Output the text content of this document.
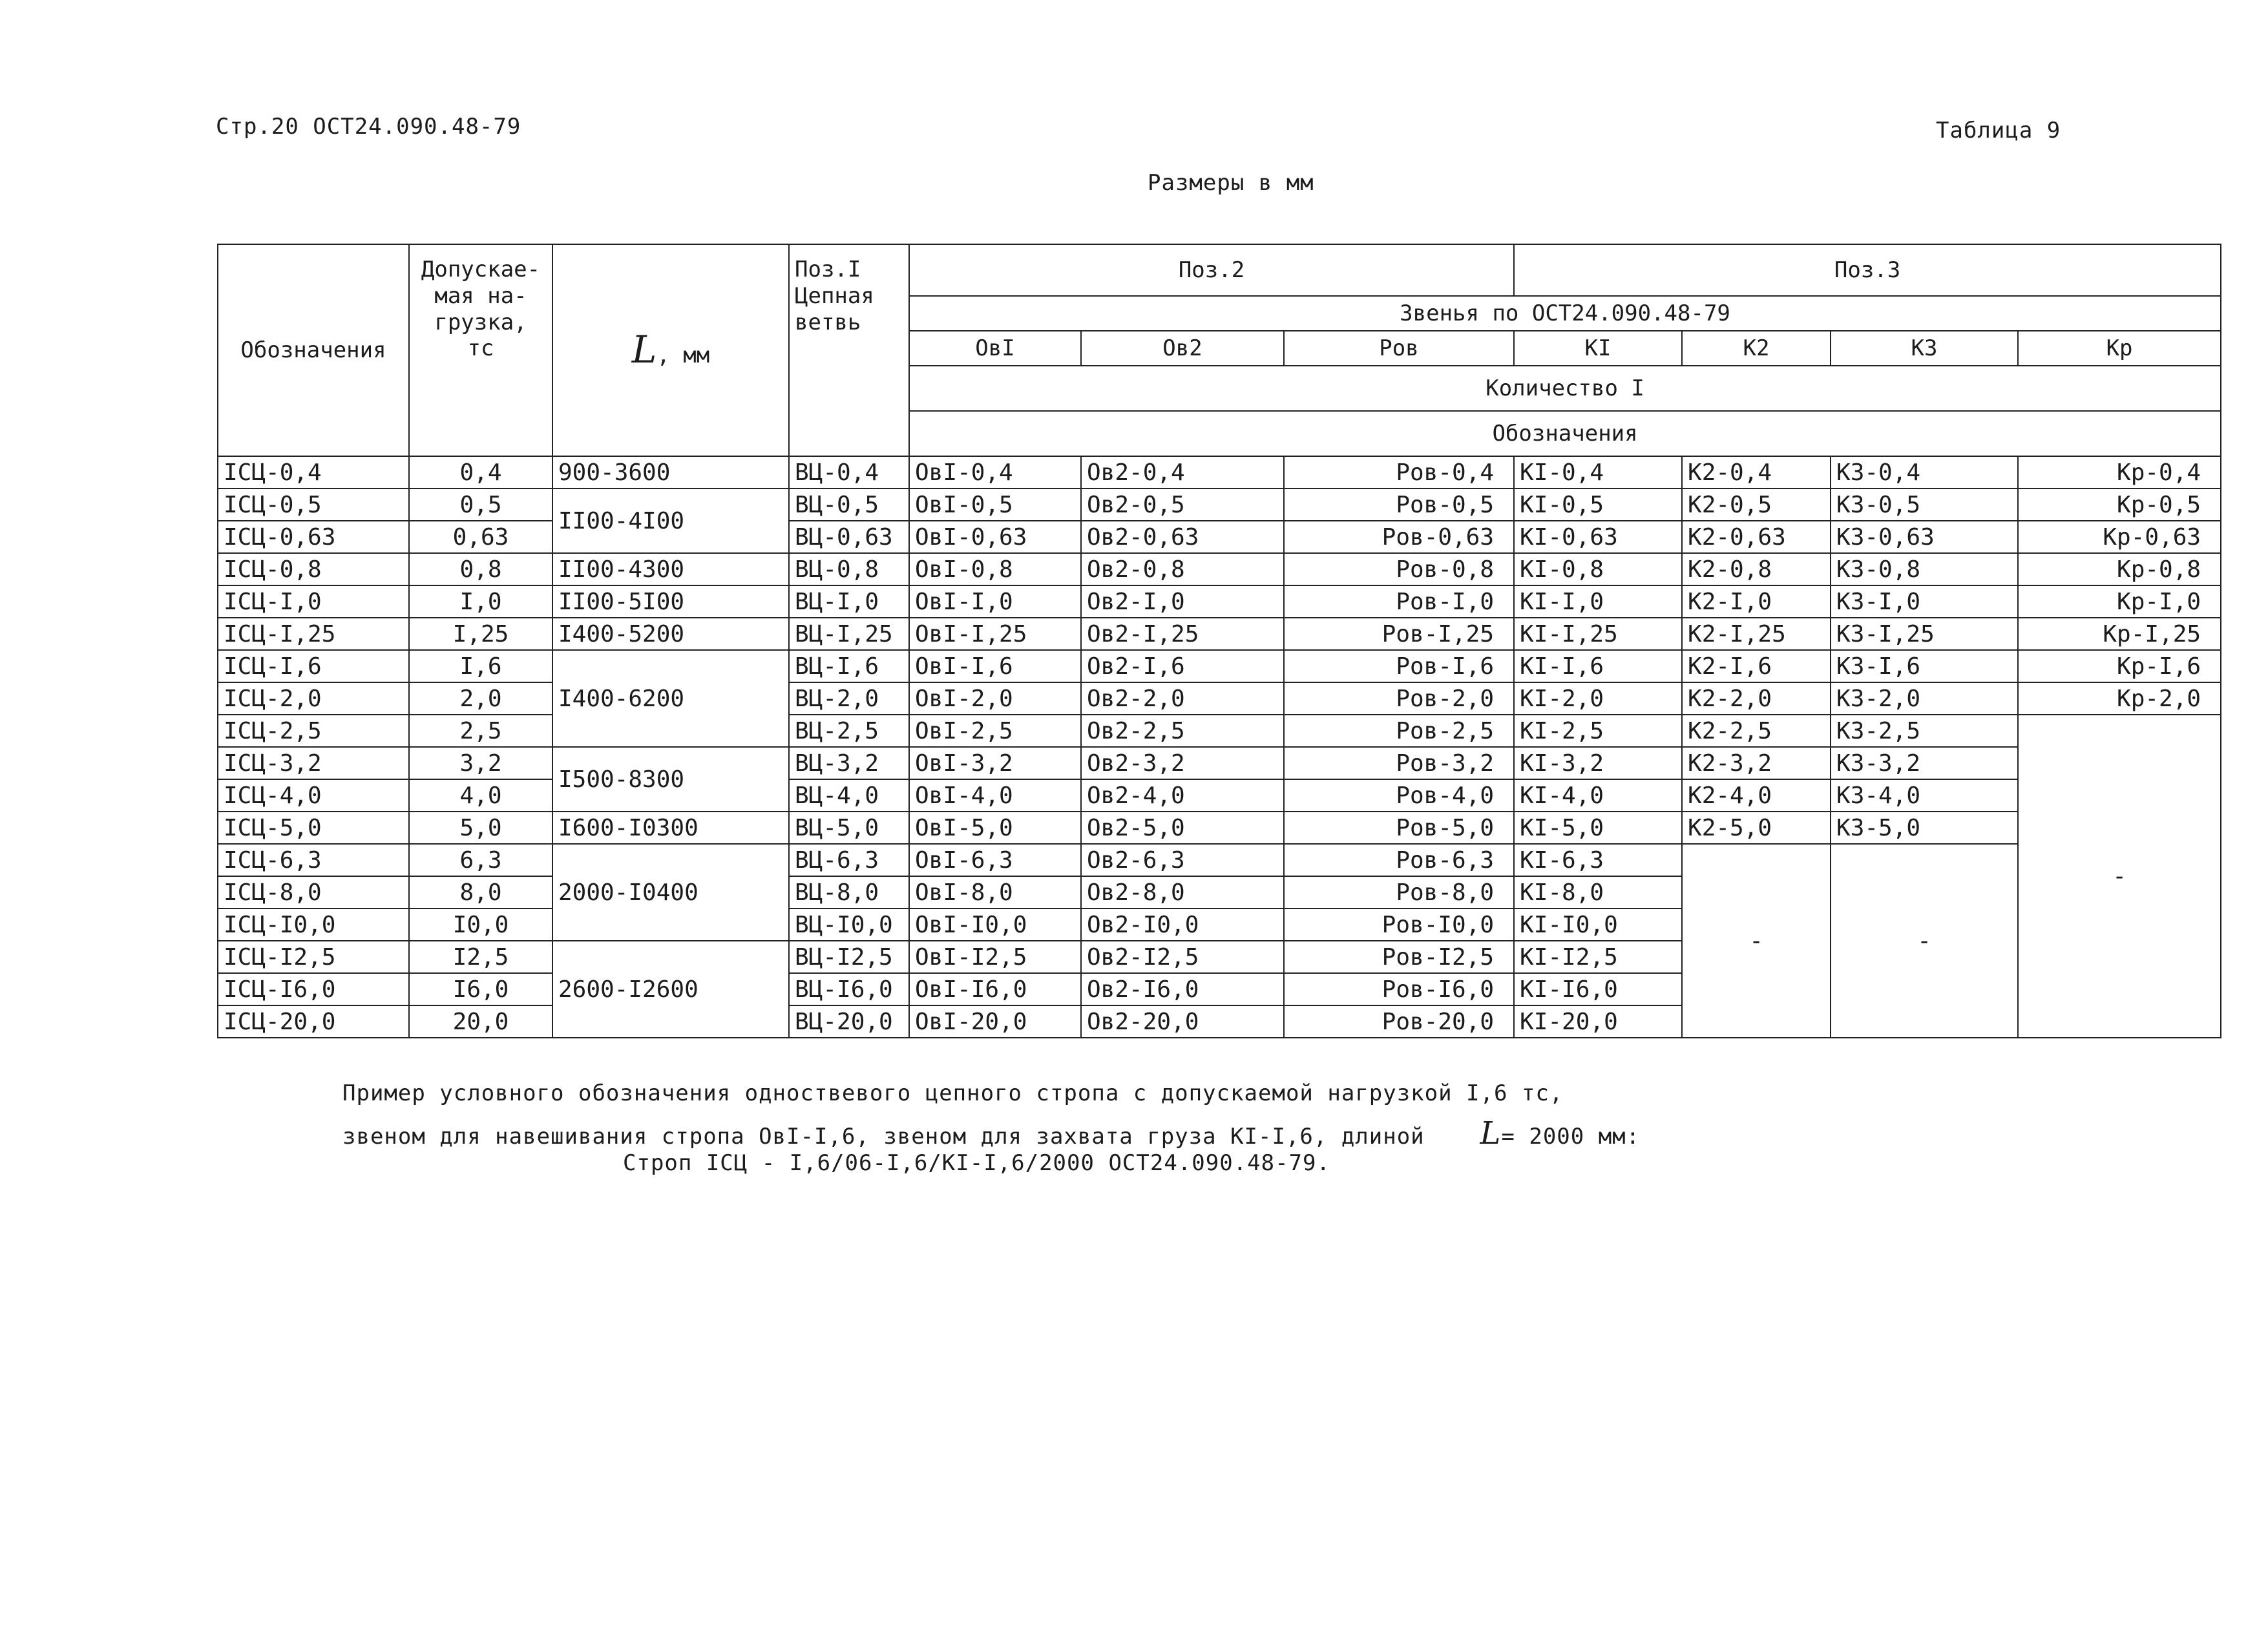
Стр.20 ОСТ24.090.48-79	Таблица 9
Размеры в мм
Обозначения	Допускае-мая на-грузка, тс	L, мм	Поз.I Цепная ветвь	Поз.2			Поз.3			
				Звенья по ОСТ24.090.48-79						
				ОвI	Ов2	Ров	КI	К2	К3	Кр
				Количество I						
				Обозначения						
IСЦ-0,4	0,4	900-3600	ВЦ-0,4	ОвI-0,4	Ов2-0,4	Ров-0,4	КI-0,4	К2-0,4	К3-0,4	Кр-0,4
IСЦ-0,5	0,5	II00-4I00	ВЦ-0,5	ОвI-0,5	Ов2-0,5	Ров-0,5	КI-0,5	К2-0,5	К3-0,5	Кр-0,5
IСЦ-0,63	0,63		ВЦ-0,63	ОвI-0,63	Ов2-0,63	Ров-0,63	КI-0,63	К2-0,63	К3-0,63	Кр-0,63
IСЦ-0,8	0,8	II00-4300	ВЦ-0,8	ОвI-0,8	Ов2-0,8	Ров-0,8	КI-0,8	К2-0,8	К3-0,8	Кр-0,8
IСЦ-I,0	I,0	II00-5I00	ВЦ-I,0	ОвI-I,0	Ов2-I,0	Ров-I,0	КI-I,0	К2-I,0	К3-I,0	Кр-I,0
IСЦ-I,25	I,25	I400-5200	ВЦ-I,25	ОвI-I,25	Ов2-I,25	Ров-I,25	КI-I,25	К2-I,25	К3-I,25	Кр-I,25
IСЦ-I,6	I,6	I400-6200	ВЦ-I,6	ОвI-I,6	Ов2-I,6	Ров-I,6	КI-I,6	К2-I,6	К3-I,6	Кр-I,6
IСЦ-2,0	2,0		ВЦ-2,0	ОвI-2,0	Ов2-2,0	Ров-2,0	КI-2,0	К2-2,0	К3-2,0	Кр-2,0
IСЦ-2,5	2,5		ВЦ-2,5	ОвI-2,5	Ов2-2,5	Ров-2,5	КI-2,5	К2-2,5	К3-2,5	-
IСЦ-3,2	3,2	I500-8300	ВЦ-3,2	ОвI-3,2	Ов2-3,2	Ров-3,2	КI-3,2	К2-3,2	К3-3,2	
IСЦ-4,0	4,0		ВЦ-4,0	ОвI-4,0	Ов2-4,0	Ров-4,0	КI-4,0	К2-4,0	К3-4,0	
IСЦ-5,0	5,0	I600-I0300	ВЦ-5,0	ОвI-5,0	Ов2-5,0	Ров-5,0	КI-5,0	К2-5,0	К3-5,0	
IСЦ-6,3	6,3	2000-I0400	ВЦ-6,3	ОвI-6,3	Ов2-6,3	Ров-6,3	КI-6,3	-	-	
IСЦ-8,0	8,0		ВЦ-8,0	ОвI-8,0	Ов2-8,0	Ров-8,0	КI-8,0			
IСЦ-I0,0	I0,0		ВЦ-I0,0	ОвI-I0,0	Ов2-I0,0	Ров-I0,0	КI-I0,0			
IСЦ-I2,5	I2,5	2600-I2600	ВЦ-I2,5	ОвI-I2,5	Ов2-I2,5	Ров-I2,5	КI-I2,5			
IСЦ-I6,0	I6,0		ВЦ-I6,0	ОвI-I6,0	Ов2-I6,0	Ров-I6,0	КI-I6,0			
IСЦ-20,0	20,0		ВЦ-20,0	ОвI-20,0	Ов2-20,0	Ров-20,0	КI-20,0			
Пример условного обозначения одноствевого цепного стропа с допускаемой нагрузкой I,6 тс,
звеном для навешивания стропа ОвI-I,6, звеном для захвата груза КI-I,6, длиной L= 2000 мм:
Строп IСЦ - I,6/06-I,6/КI-I,6/2000 ОСТ24.090.48-79.
